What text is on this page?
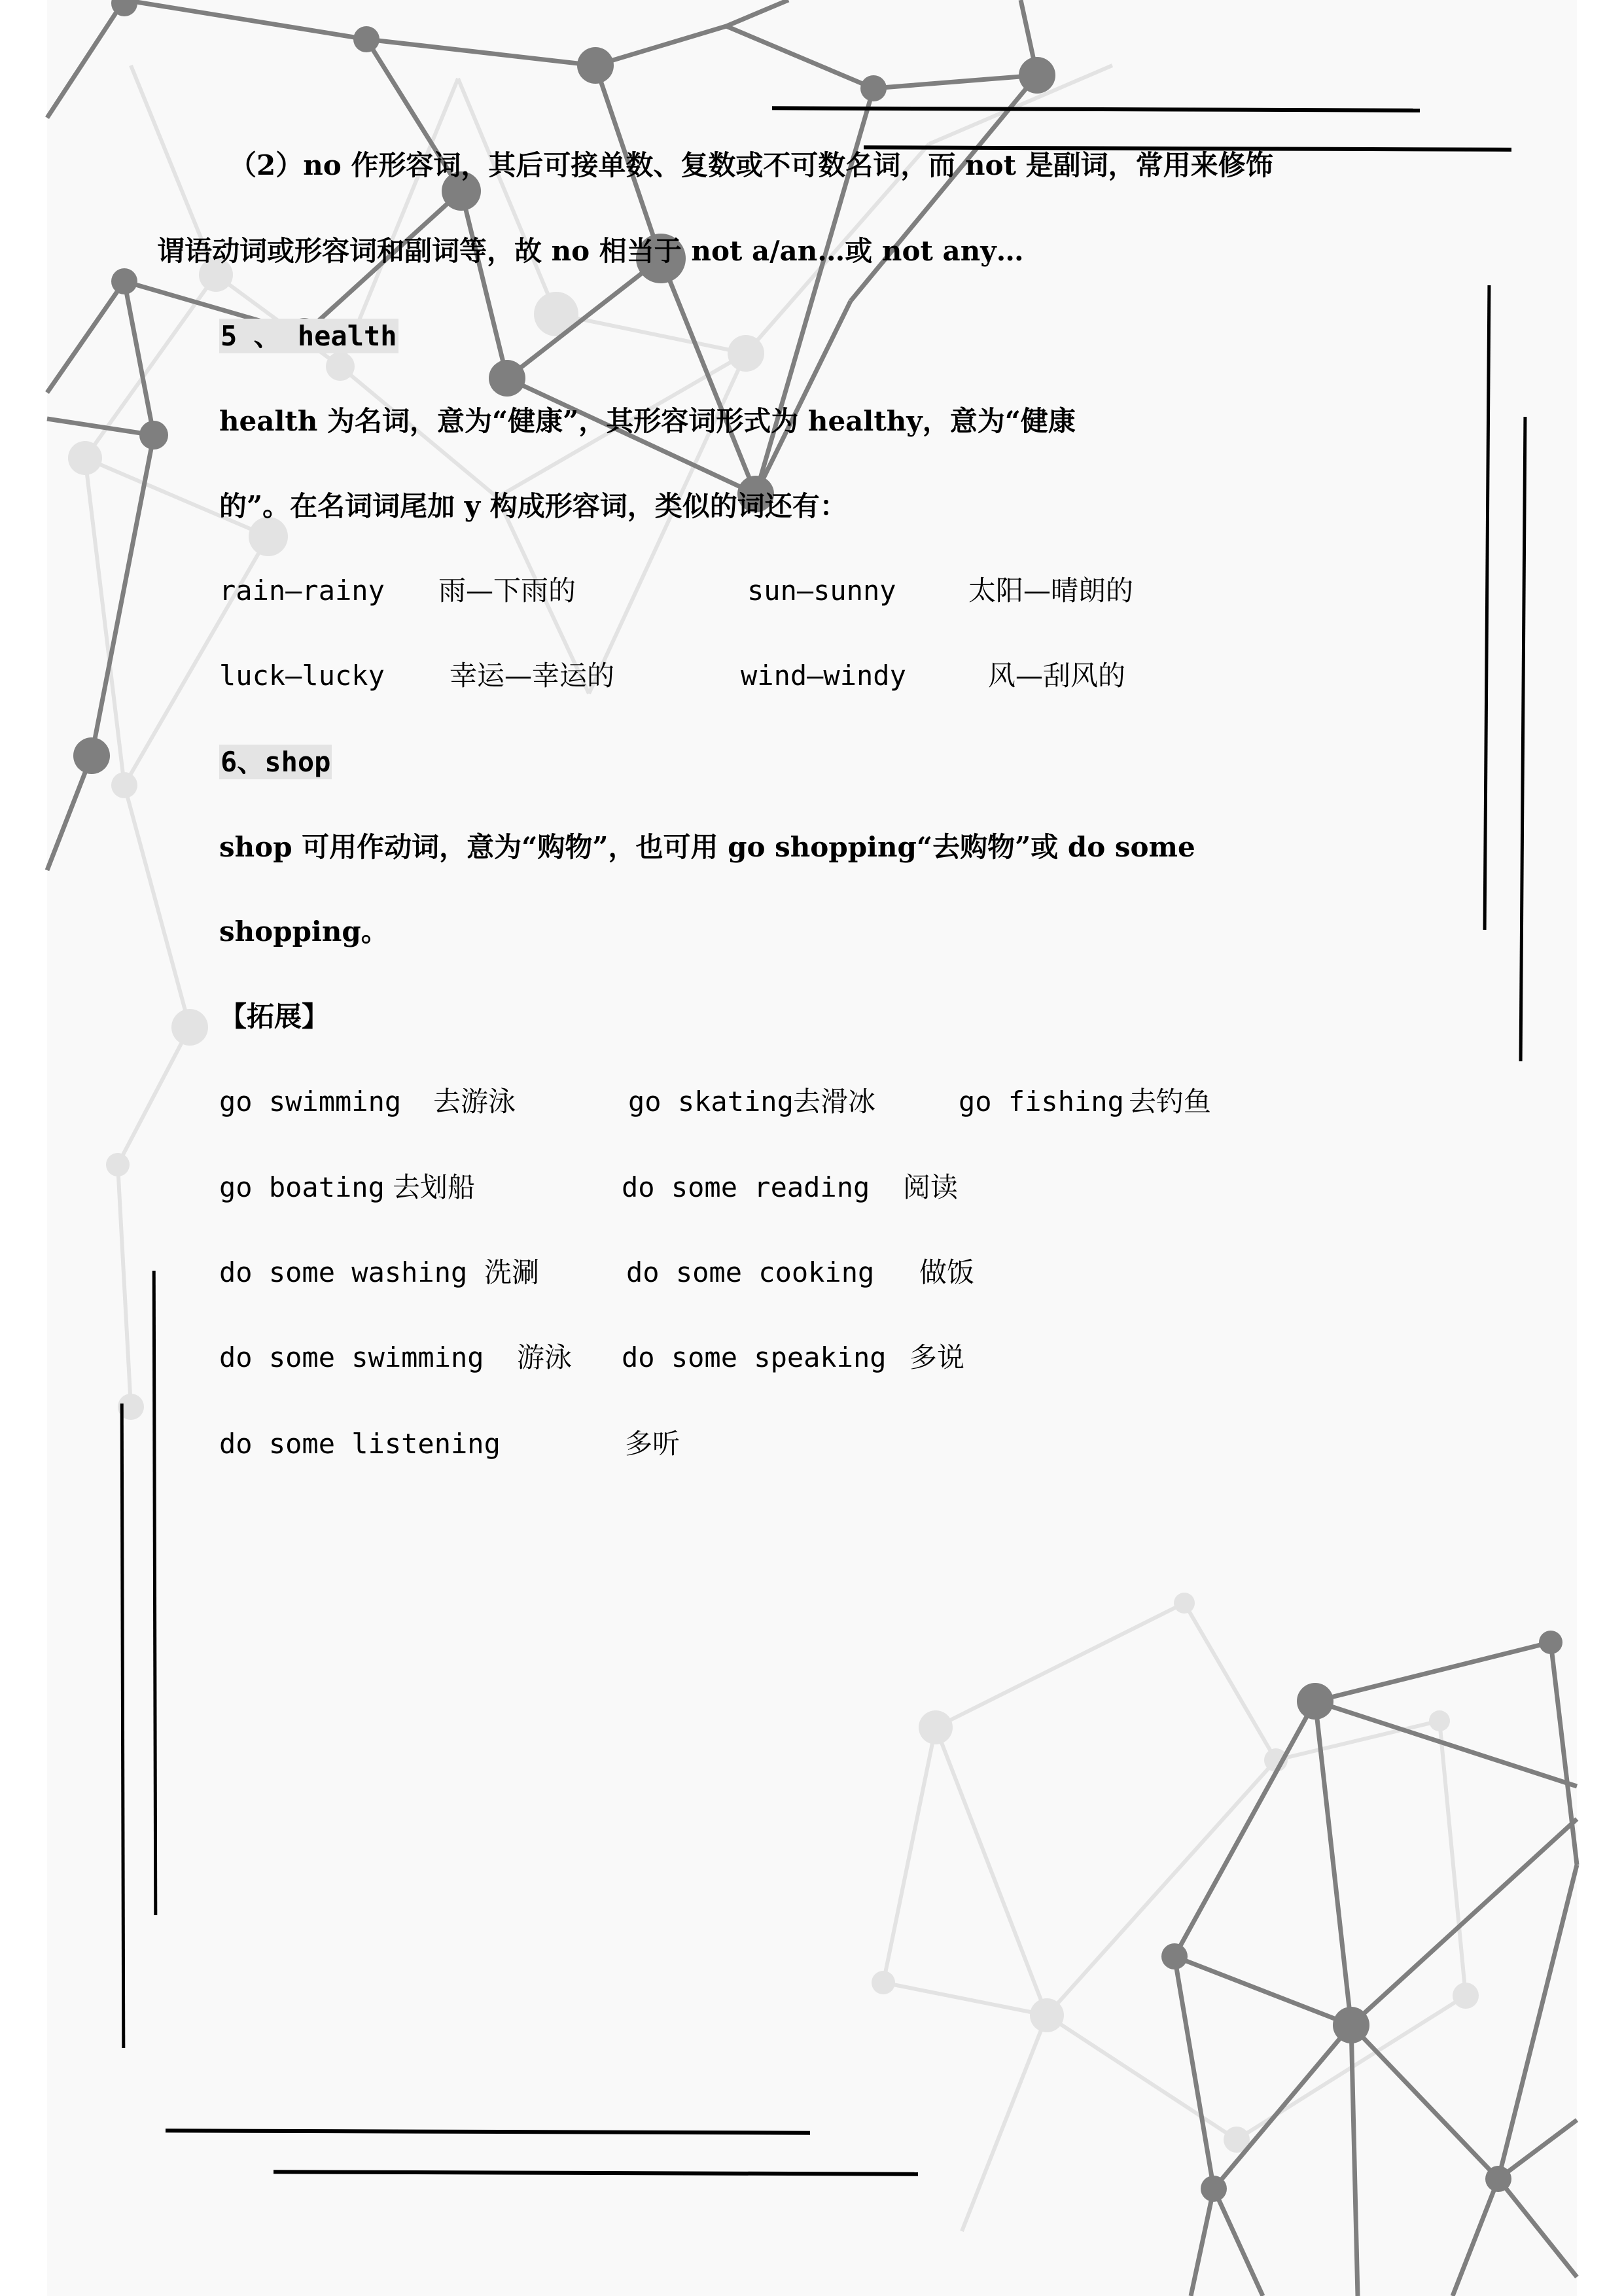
（2）no 作形容词，其后可接单数、复数或不可数名词，而 not 是副词，常用来修饰
谓语动词或形容词和副词等，故 no 相当于 not a/an…或 not any…
5 、 health
health 为名词，意为“健康”，其形容词形式为 healthy，意为“健康
的”。在名词词尾加 y 构成形容词，类似的词还有：
rain—rainy 雨—下雨的	sun—sunny	太阳—晴朗的
luck—lucky 幸运—幸运的	wind—windy	风—刮风的
6、shop
shop 可用作动词，意为“购物”，也可用 go shopping“去购物”或 do some
shopping。
【拓展】
go swimming 去游泳	go skating 去滑冰	go fishing 去钓鱼
go boating 去划船	do some reading 阅读
do some washing 洗涮	do some cooking 做饭
do some swimming 游泳 do some speaking 多说
do some listening	多听
